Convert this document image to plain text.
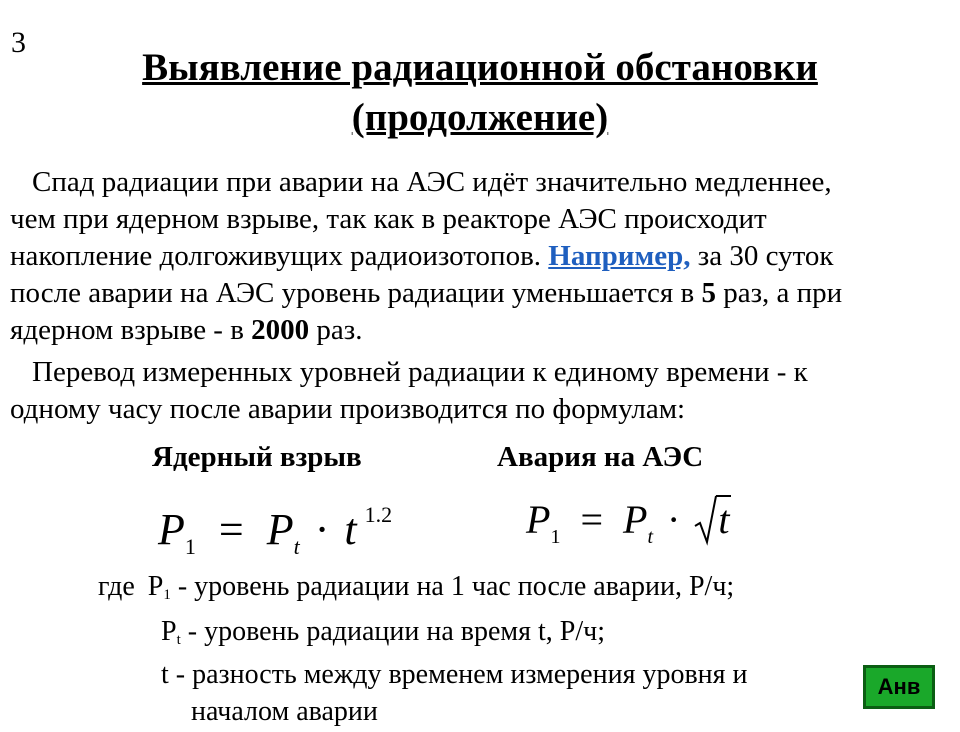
3
Выявление радиационной обстановки
(продолжение)
Спад радиации при аварии на АЭС идёт значительно медленнее,
чем при ядерном взрыве, так как в реакторе АЭС происходит
накопление долгоживущих радиоизотопов. Например, за 30 суток
после аварии на АЭС уровень радиации уменьшается в 5 раз, а при
ядерном взрыве - в 2000 раз.
Перевод измеренных уровней радиации к единому времени - к
одному часу после аварии производится по формулам:
Ядерный взрыв	Авария на АЭС
$P_1 = P_t \cdot t$ $^{1.2}$	$P_1 = P_t \cdot t$
где $P_1$ - уровень радиации на 1 час после аварии, Р/ч;
$P_t$ - уровень радиации на время t, Р/ч;
t - разность между временем измерения уровня и
началом аварии
Анв
